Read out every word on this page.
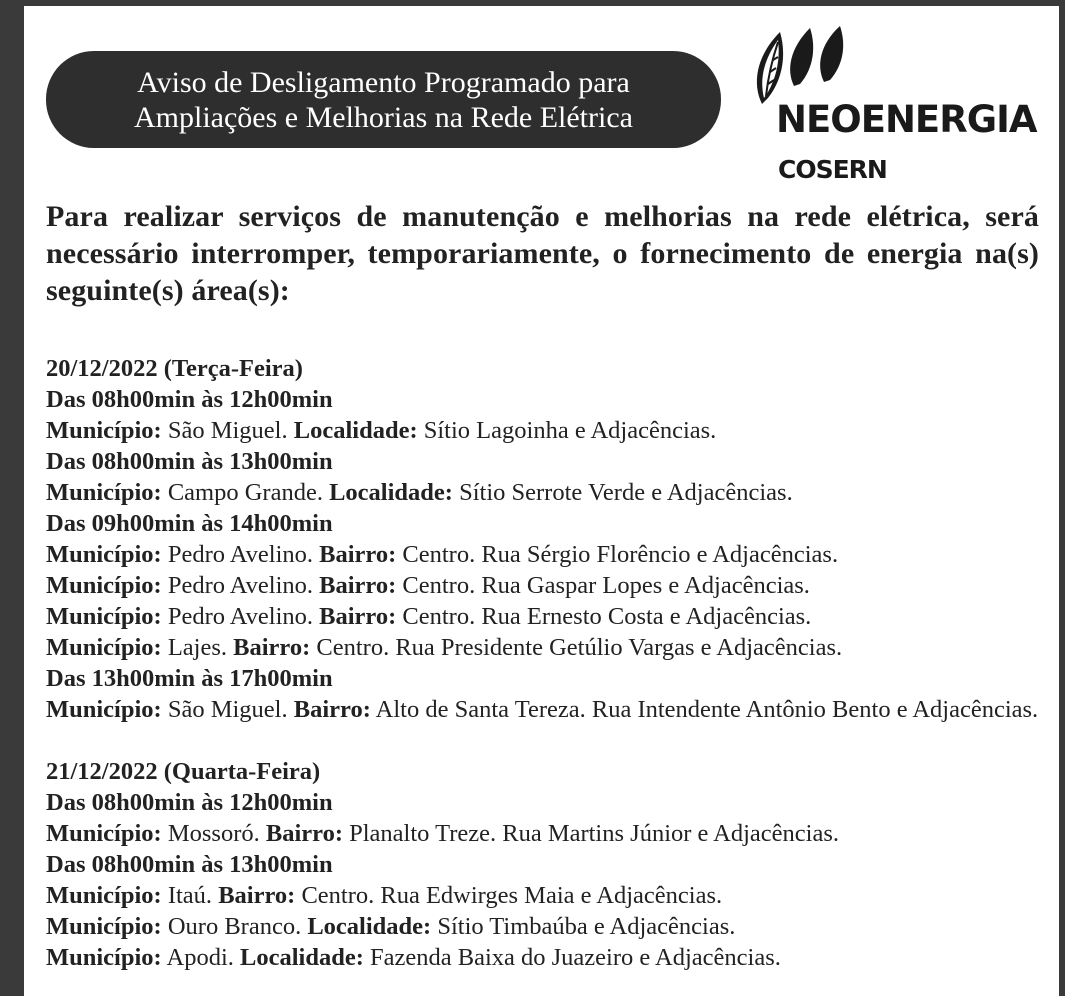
Aviso de Desligamento Programado para
Ampliações e Melhorias na Rede Elétrica	NEOENERGIA
COSERN
Para realizar serviços de manutenção e melhorias na rede elétrica, será necessário interromper, temporariamente, o fornecimento de energia na(s) seguinte(s) área(s):
20/12/2022 (Terça-Feira)
Das 08h00min às 12h00min
Município: São Miguel. Localidade: Sítio Lagoinha e Adjacências.
Das 08h00min às 13h00min
Município: Campo Grande. Localidade: Sítio Serrote Verde e Adjacências.
Das 09h00min às 14h00min
Município: Pedro Avelino. Bairro: Centro. Rua Sérgio Florêncio e Adjacências.
Município: Pedro Avelino. Bairro: Centro. Rua Gaspar Lopes e Adjacências.
Município: Pedro Avelino. Bairro: Centro. Rua Ernesto Costa e Adjacências.
Município: Lajes. Bairro: Centro. Rua Presidente Getúlio Vargas e Adjacências.
Das 13h00min às 17h00min
Município: São Miguel. Bairro: Alto de Santa Tereza. Rua Intendente Antônio Bento e Adjacências.
21/12/2022 (Quarta-Feira)
Das 08h00min às 12h00min
Município: Mossoró. Bairro: Planalto Treze. Rua Martins Júnior e Adjacências.
Das 08h00min às 13h00min
Município: Itaú. Bairro: Centro. Rua Edwirges Maia e Adjacências.
Município: Ouro Branco. Localidade: Sítio Timbaúba e Adjacências.
Município: Apodi. Localidade: Fazenda Baixa do Juazeiro e Adjacências.
